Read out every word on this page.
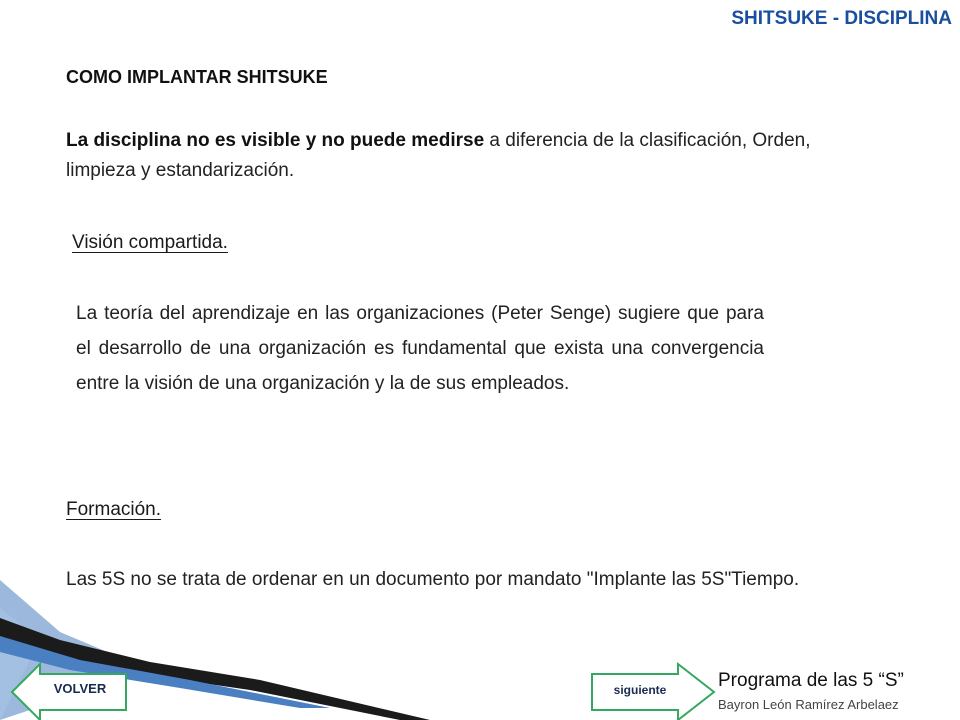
SHITSUKE - DISCIPLINA
COMO IMPLANTAR SHITSUKE
La disciplina no es visible y no puede medirse a diferencia de la clasificación, Orden, limpieza y estandarización.
Visión compartida.
La teoría del aprendizaje en las organizaciones (Peter Senge) sugiere que para el desarrollo de una organización es fundamental que exista una convergencia entre la visión de una organización y la de sus empleados.
Formación.
Las 5S no se trata de ordenar en un documento por mandato "Implante las 5S"Tiempo.
VOLVER	siguiente	Programa de las 5 “S”
Bayron León Ramírez Arbelaez
